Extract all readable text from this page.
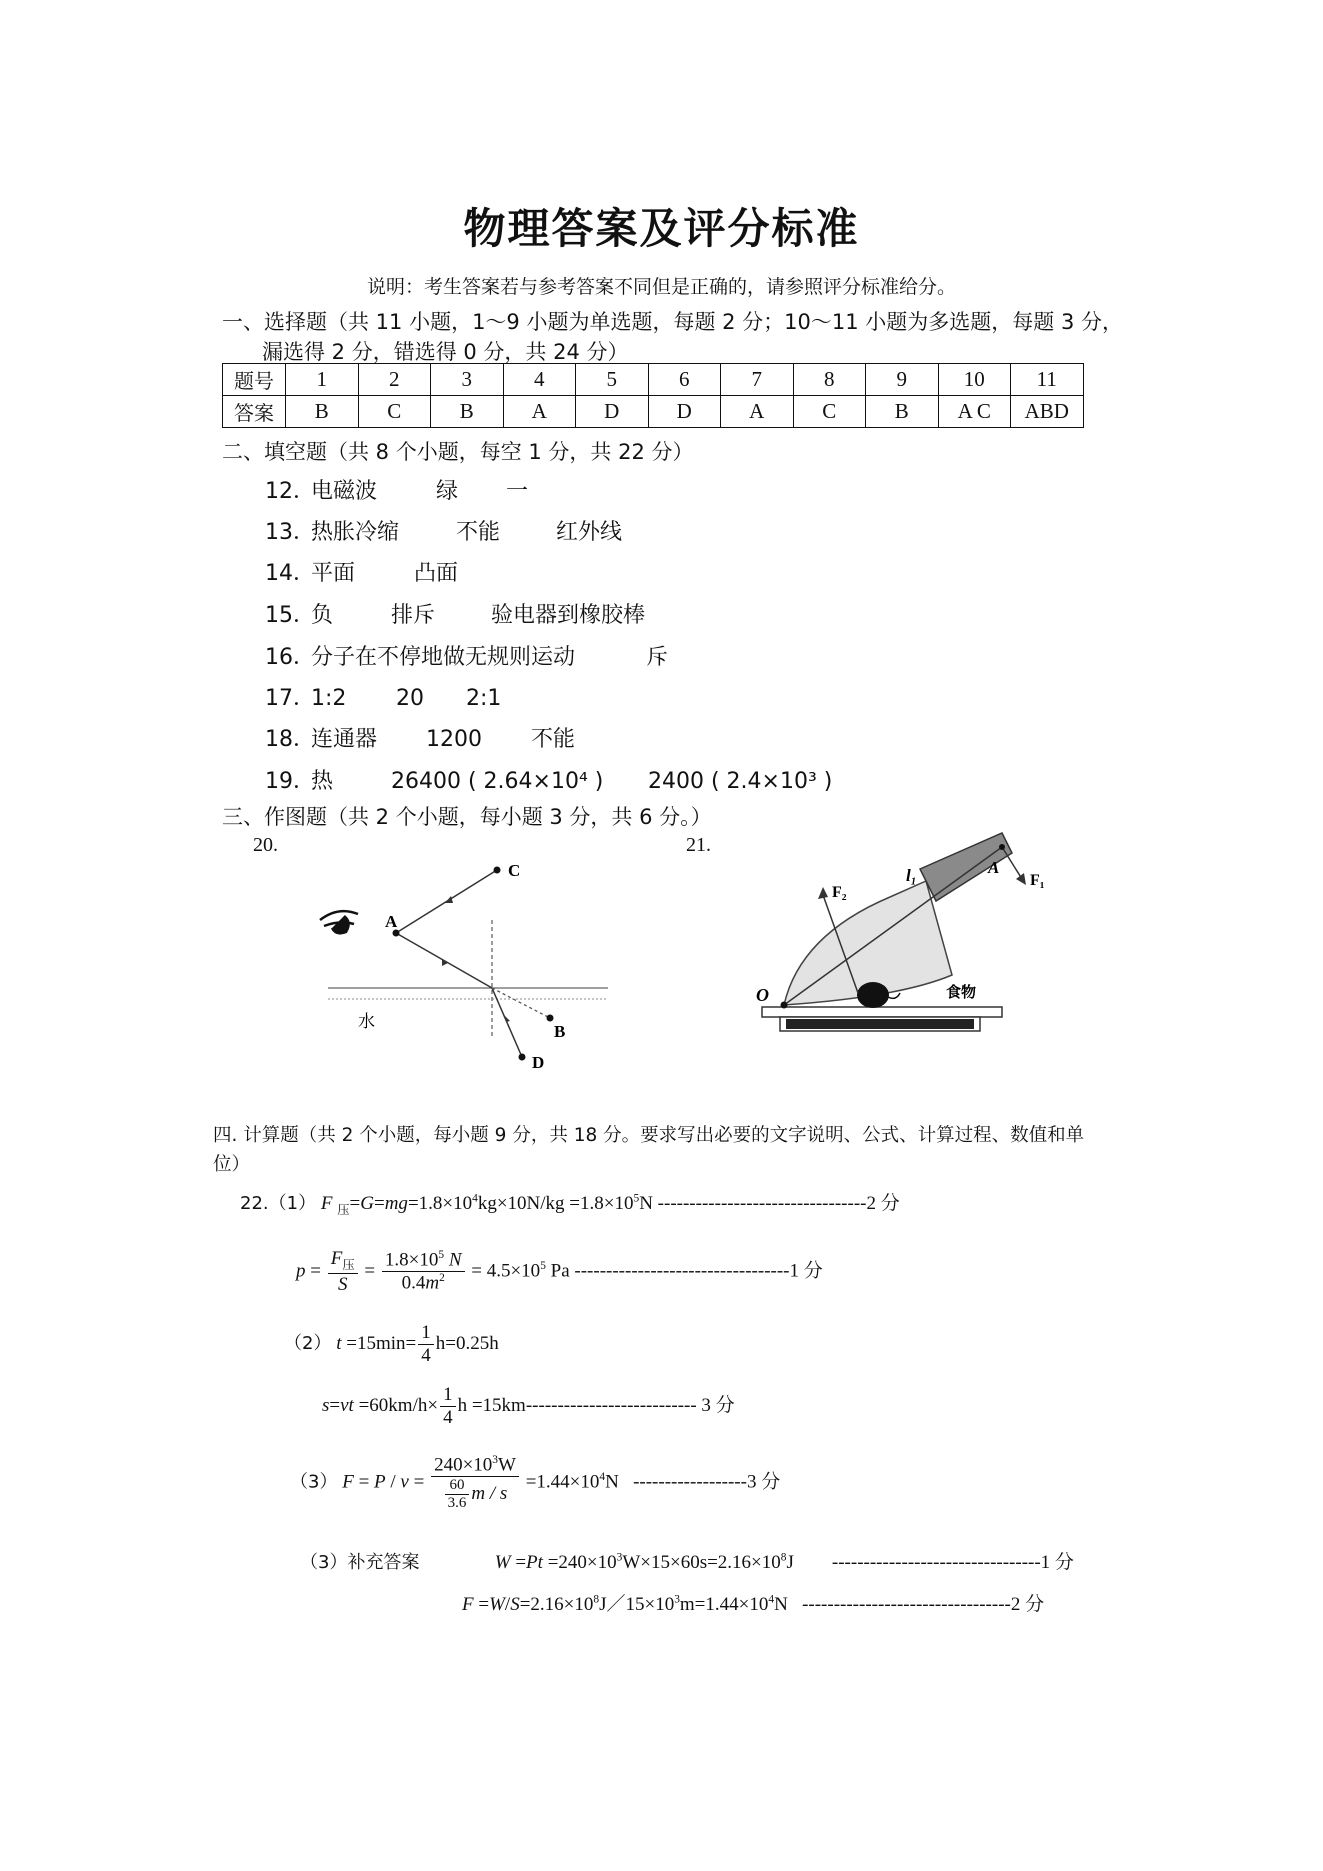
物理答案及评分标准
说明：考生答案若与参考答案不同但是正确的，请参照评分标准给分。
一、选择题（共 11 小题，1～9 小题为单选题，每题 2 分；10～11 小题为多选题，每题 3 分，
漏选得 2 分，错选得 0 分，共 24 分）
题号	1	2	3	4	5	6	7	8	9	10	11
答案	B	C	B	A	D	D	A	C	B	A C	ABD
二、填空题（共 8 个小题，每空 1 分，共 22 分）
12．电磁波	绿 一
13．热胀冷缩	不能	红外线
14．平面	凸面
15．负	排斥	验电器到橡胶棒
16．分子在不停地做无规则运动	斥
17．1:2 20 2:1
18．连通器 1200 不能
19．热	26400 ( 2.64×10⁴ ) 2400 ( 2.4×10³ )
三、作图题（共 2 个小题，每小题 3 分，共 6 分。）
20.	21.
A
C
B
D
水
O
A
F₁
F₂
l₁
食物
四. 计算题（共 2 个小题，每小题 9 分，共 18 分。要求写出必要的文字说明、公式、计算过程、数值和单
位）
22.（1） F $_压=G=mg=1.8\times 10^4kg\times 10N/kg =1.8\times 10^5N$ ---------------------------------2 分
$p = \frac{F_压}{S} = \frac{1.8\times 10^5 N}{0.4m^2} = 4.5\times 10^5$ Pa ----------------------------------1 分
（2） $t =15\min= \frac{1}{4} h=0.25h$
$s=vt =60km/h\times \frac{1}{4}$ h =15km--------------------------- 3 分
（3） $F = P / v = \frac{240\times 10^3W}{\frac{60}{3.6} m / s} =1.44\times 10^4N$   ------------------3 分
（3）补充答案	$W =Pt =240\times 10^3W\times 15\times 60s=2.16\times 10^8J$        ---------------------------------1 分
$F =W/S=2.16\times 10^8J/15\times 10^3m=1.44\times 10^4N$   ---------------------------------2 分
